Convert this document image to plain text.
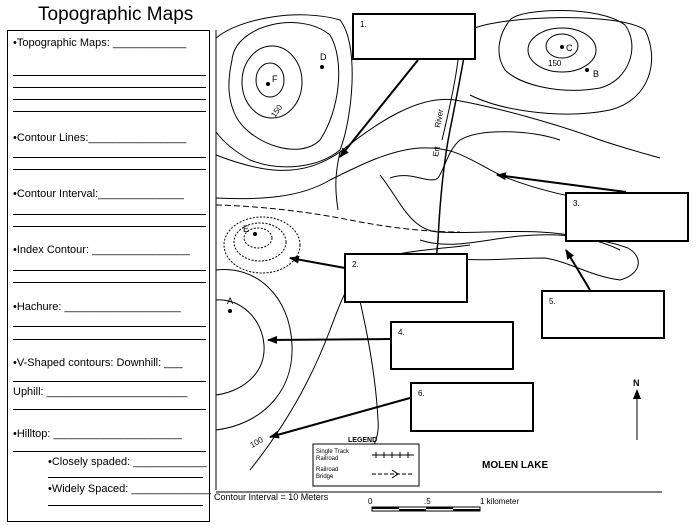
Topographic Maps
•Topographic Maps: ____________
•Contour Lines:________________
•Contour Interval:______________
•Index Contour: ________________
•Hachure: ___________________
•V-Shaped contours: Downhill: ___
Uphill: _______________________
•Hilltop: _____________________
•Closely spaded: ____________
•Widely Spaced: _____________
F
D
C
B
E
A
150
150
100
Ert
River
LEGEND
Single Track
Railroad
Railroad
Bridge
MOLEN LAKE
N
Contour Interval = 10 Meters	0	.5	1 kilometer
1.
2.
3.
4.
5.
6.
